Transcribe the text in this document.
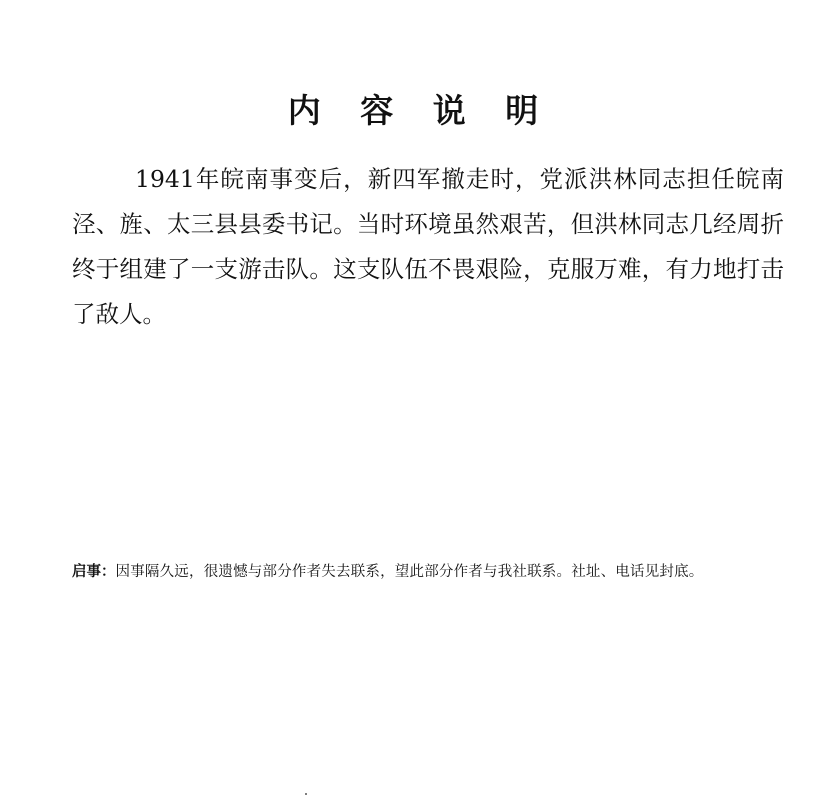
内 容 说 明

1941年皖南事变后，新四军撤走时，党派洪林同志担任皖南泾、旌、太三县县委书记。当时环境虽然艰苦，但洪林同志几经周折终于组建了一支游击队。这支队伍不畏艰险，克服万难，有力地打击了敌人。

启事：因事隔久远，很遗憾与部分作者失去联系，望此部分作者与我社联系。社址、电话见封底。
